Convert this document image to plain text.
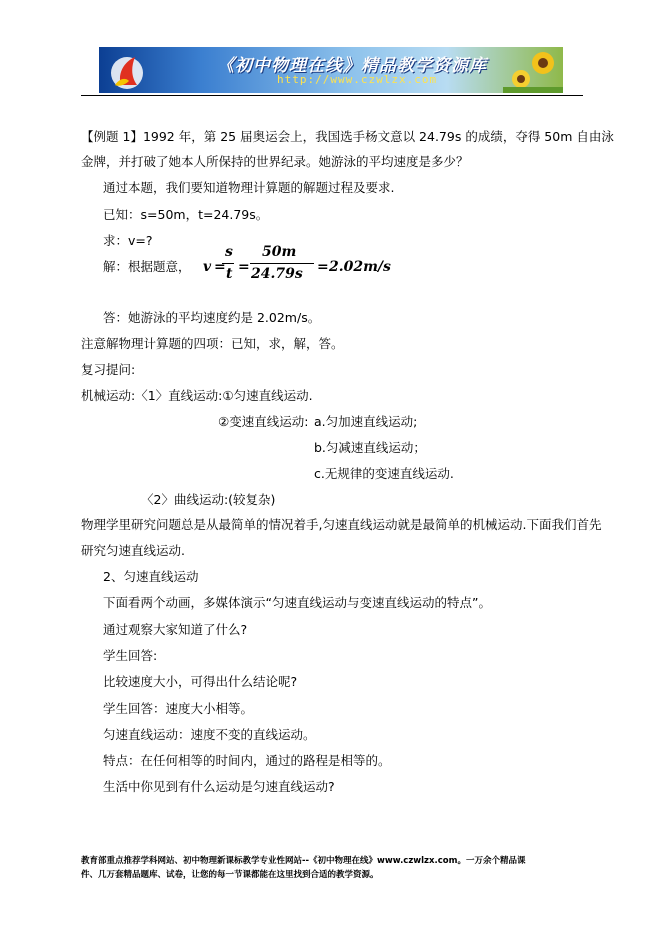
《初中物理在线》精品教学资源库
http://www.czwlzx.com
【例题 1】1992 年，第 25 届奥运会上，我国选手杨文意以 24.79s 的成绩，夺得 50m 自由泳
金牌，并打破了她本人所保持的世界纪录。她游泳的平均速度是多少？
通过本题，我们要知道物理计算题的解题过程及要求.
已知：s=50m，t=24.79s。
求：v=?
解：根据题意， v =
s
t =
50m
24.79s = 2.02m/s
答：她游泳的平均速度约是 2.02m/s。
注意解物理计算题的四项：已知，求，解，答。
复习提问:
机械运动:〈1〉直线运动:①匀速直线运动.
②变速直线运动: a.匀加速直线运动;
b.匀减速直线运动；
c.无规律的变速直线运动.
〈2〉曲线运动:(较复杂)
物理学里研究问题总是从最简单的情况着手,匀速直线运动就是最简单的机械运动.下面我们首先
研究匀速直线运动.
2、匀速直线运动
下面看两个动画，多媒体演示“匀速直线运动与变速直线运动的特点”。
通过观察大家知道了什么?
学生回答:
比较速度大小，可得出什么结论呢?
学生回答：速度大小相等。
匀速直线运动：速度不变的直线运动。
特点：在任何相等的时间内，通过的路程是相等的。
生活中你见到有什么运动是匀速直线运动?
教育部重点推荐学科网站、初中物理新课标教学专业性网站--《初中物理在线》www.czwlzx.com。一万余个精品课
件、几万套精品题库、试卷，让您的每一节课都能在这里找到合适的教学资源。
